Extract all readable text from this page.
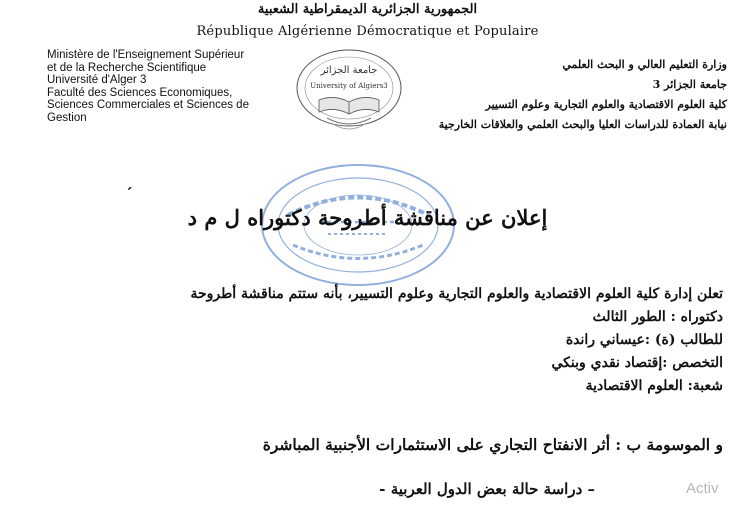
الجمهورية الجزائرية الديمقراطية الشعبية
République Algérienne Démocratique et Populaire
Ministère de l'Enseignement Supérieur
et de la Recherche Scientifique
Université d'Alger 3
Faculté des Sciences Economiques,
Sciences Commerciales et Sciences de
Gestion
جامعة الجزائر
University of Algiers3
وزارة التعليم العالي و البحث العلمي
جامعة الجزائر 3
كلية العلوم الاقتصادية والعلوم التجارية وعلوم التسيير
نيابة العمادة للدراسات العليا والبحث العلمي والعلاقات الخارجية
ˏ
إعلان عن مناقشة أطروحة دكتوراه ل م د
تعلن إدارة كلية العلوم الاقتصادية والعلوم التجارية وعلوم التسيير، بأنه ستتم مناقشة أطروحة
دكتوراه : الطور الثالث
للطالب (ة) :عيساني راندة
التخصص :إقتصاد نقدي وبنكي
شعبة: العلوم الاقتصادية
و الموسومة ب : أثر الانفتاح التجاري على الاستثمارات الأجنبية المباشرة
– دراسة حالة بعض الدول العربية -	Activ
